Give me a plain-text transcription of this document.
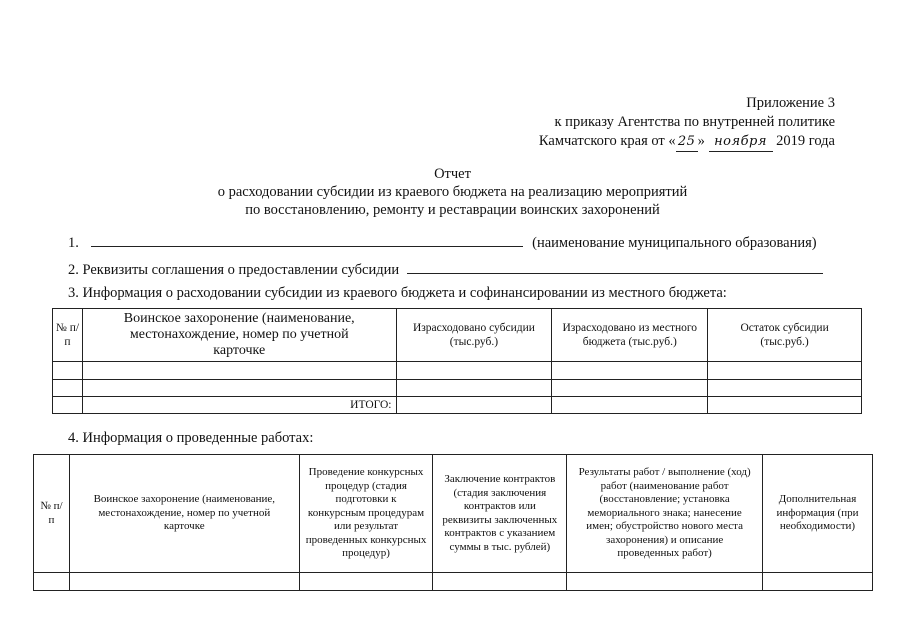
Приложение 3
к приказу Агентства по внутренней политике
Камчатского края от « 25 » ноября 2019 года
Отчет
о расходовании субсидии из краевого бюджета на реализацию мероприятий
по восстановлению, ремонту и реставрации воинских захоронений
1.	(наименование муниципального образования)
2. Реквизиты соглашения о предоставлении субсидии
3. Информация о расходовании субсидии из краевого бюджета и софинансировании из местного бюджета:
№ п/п	Воинское захоронение (наименование, местонахождение, номер по учетной карточке	Израсходовано субсидии (тыс.руб.)	Израсходовано из местного бюджета (тыс.руб.)	Остаток субсидии (тыс.руб.)

	ИТОГО:			
4. Информация о проведенные работах:
№ п/п	Воинское захоронение (наименование, местонахождение, номер по учетной карточке	Проведение конкурсных процедур (стадия подготовки к конкурсным процедурам или результат проведенных конкурсных процедур)	Заключение контрактов (стадия заключения контрактов или реквизиты заключенных контрактов с указанием суммы в тыс. рублей)	Результаты работ / выполнение (ход) работ (наименование работ (восстановление; установка мемориального знака; нанесение имен; обустройство нового места захоронения) и описание проведенных работ)	Дополнительная информация (при необходимости)
